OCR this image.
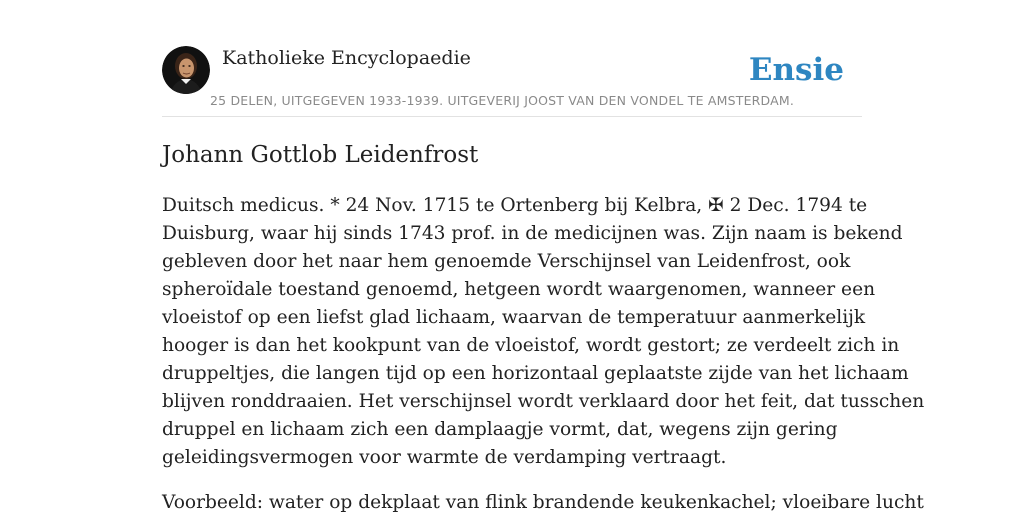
Katholieke Encyclopaedie	Ensie
25 DELEN, UITGEGEVEN 1933-1939. UITGEVERIJ JOOST VAN DEN VONDEL TE AMSTERDAM.
Johann Gottlob Leidenfrost

Duitsch medicus. * 24 Nov. 1715 te Ortenberg bij Kelbra, ✠ 2 Dec. 1794 te
Duisburg, waar hij sinds 1743 prof. in de medicijnen was. Zijn naam is bekend
gebleven door het naar hem genoemde Verschijnsel van Leidenfrost, ook
spheroïdale toestand genoemd, hetgeen wordt waargenomen, wanneer een
vloeistof op een liefst glad lichaam, waarvan de temperatuur aanmerkelijk
hooger is dan het kookpunt van de vloeistof, wordt gestort; ze verdeelt zich in
druppeltjes, die langen tijd op een horizontaal geplaatste zijde van het lichaam
blijven ronddraaien. Het verschijnsel wordt verklaard door het feit, dat tusschen
druppel en lichaam zich een damplaagje vormt, dat, wegens zijn gering
geleidingsvermogen voor warmte de verdamping vertraagt.

Voorbeeld: water op dekplaat van flink brandende keukenkachel; vloeibare lucht
